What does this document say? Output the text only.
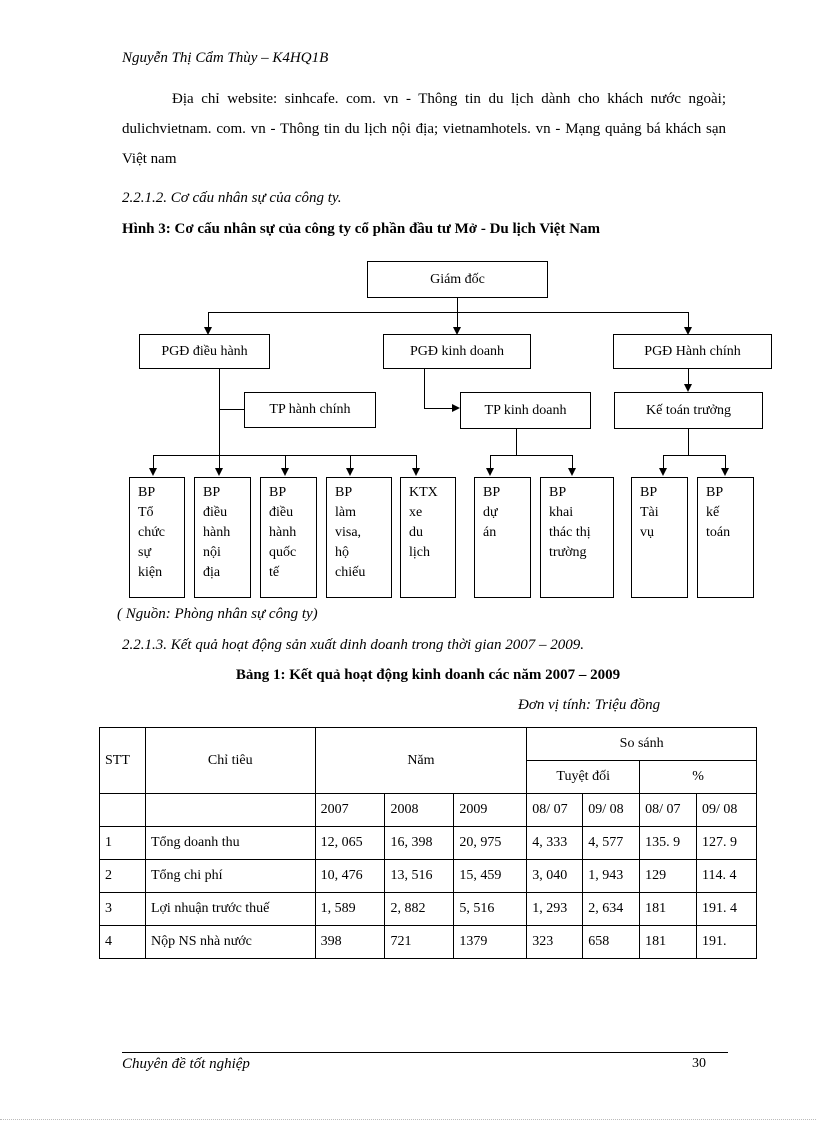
Nguyễn Thị Cẩm Thùy – K4HQ1B
Địa chỉ website: sinhcafe. com. vn - Thông tin du lịch dành cho khách nước ngoài; dulichvietnam. com. vn - Thông tin du lịch nội địa; vietnamhotels. vn - Mạng quảng bá khách sạn Việt nam
2.2.1.2. Cơ cấu nhân sự của công ty.
Hình 3: Cơ cấu nhân sự của công ty cổ phần đầu tư Mở - Du lịch Việt Nam
Giám đốc
PGĐ điều hành	PGĐ kinh doanh	PGĐ Hành chính
TP hành chính	TP kinh doanh	Kế toán trưởng
BP
Tổ
chức
sự
kiện
BP
điều
hành
nội
địa
BP
điều
hành
quốc
tế
BP
làm
visa,
hộ
chiếu
KTX
xe
du
lịch
BP
dự
án
BP
khai
thác thị
trường
BP
Tài
vụ
BP
kế
toán
( Nguồn: Phòng nhân sự công ty)
2.2.1.3. Kết quả hoạt động sản xuất dinh doanh trong thời gian 2007 – 2009.
Bảng 1: Kết quả hoạt động kinh doanh các năm 2007 – 2009
Đơn vị tính: Triệu đồng
STT	Chỉ tiêu	Năm			So sánh			
					Tuyệt đối		%	
		2007	2008	2009	08/ 07	09/ 08	08/ 07	09/ 08
1	Tổng doanh thu	12, 065	16, 398	20, 975	4, 333	4, 577	135. 9	127. 9
2	Tổng chi phí	10, 476	13, 516	15, 459	3, 040	1, 943	129	114. 4
3	Lợi nhuận trước thuế	1, 589	2, 882	5, 516	1, 293	2, 634	181	191. 4
4	Nộp NS nhà nước	398	721	1379	323	658	181	191.
Chuyên đề tốt nghiệp	30
